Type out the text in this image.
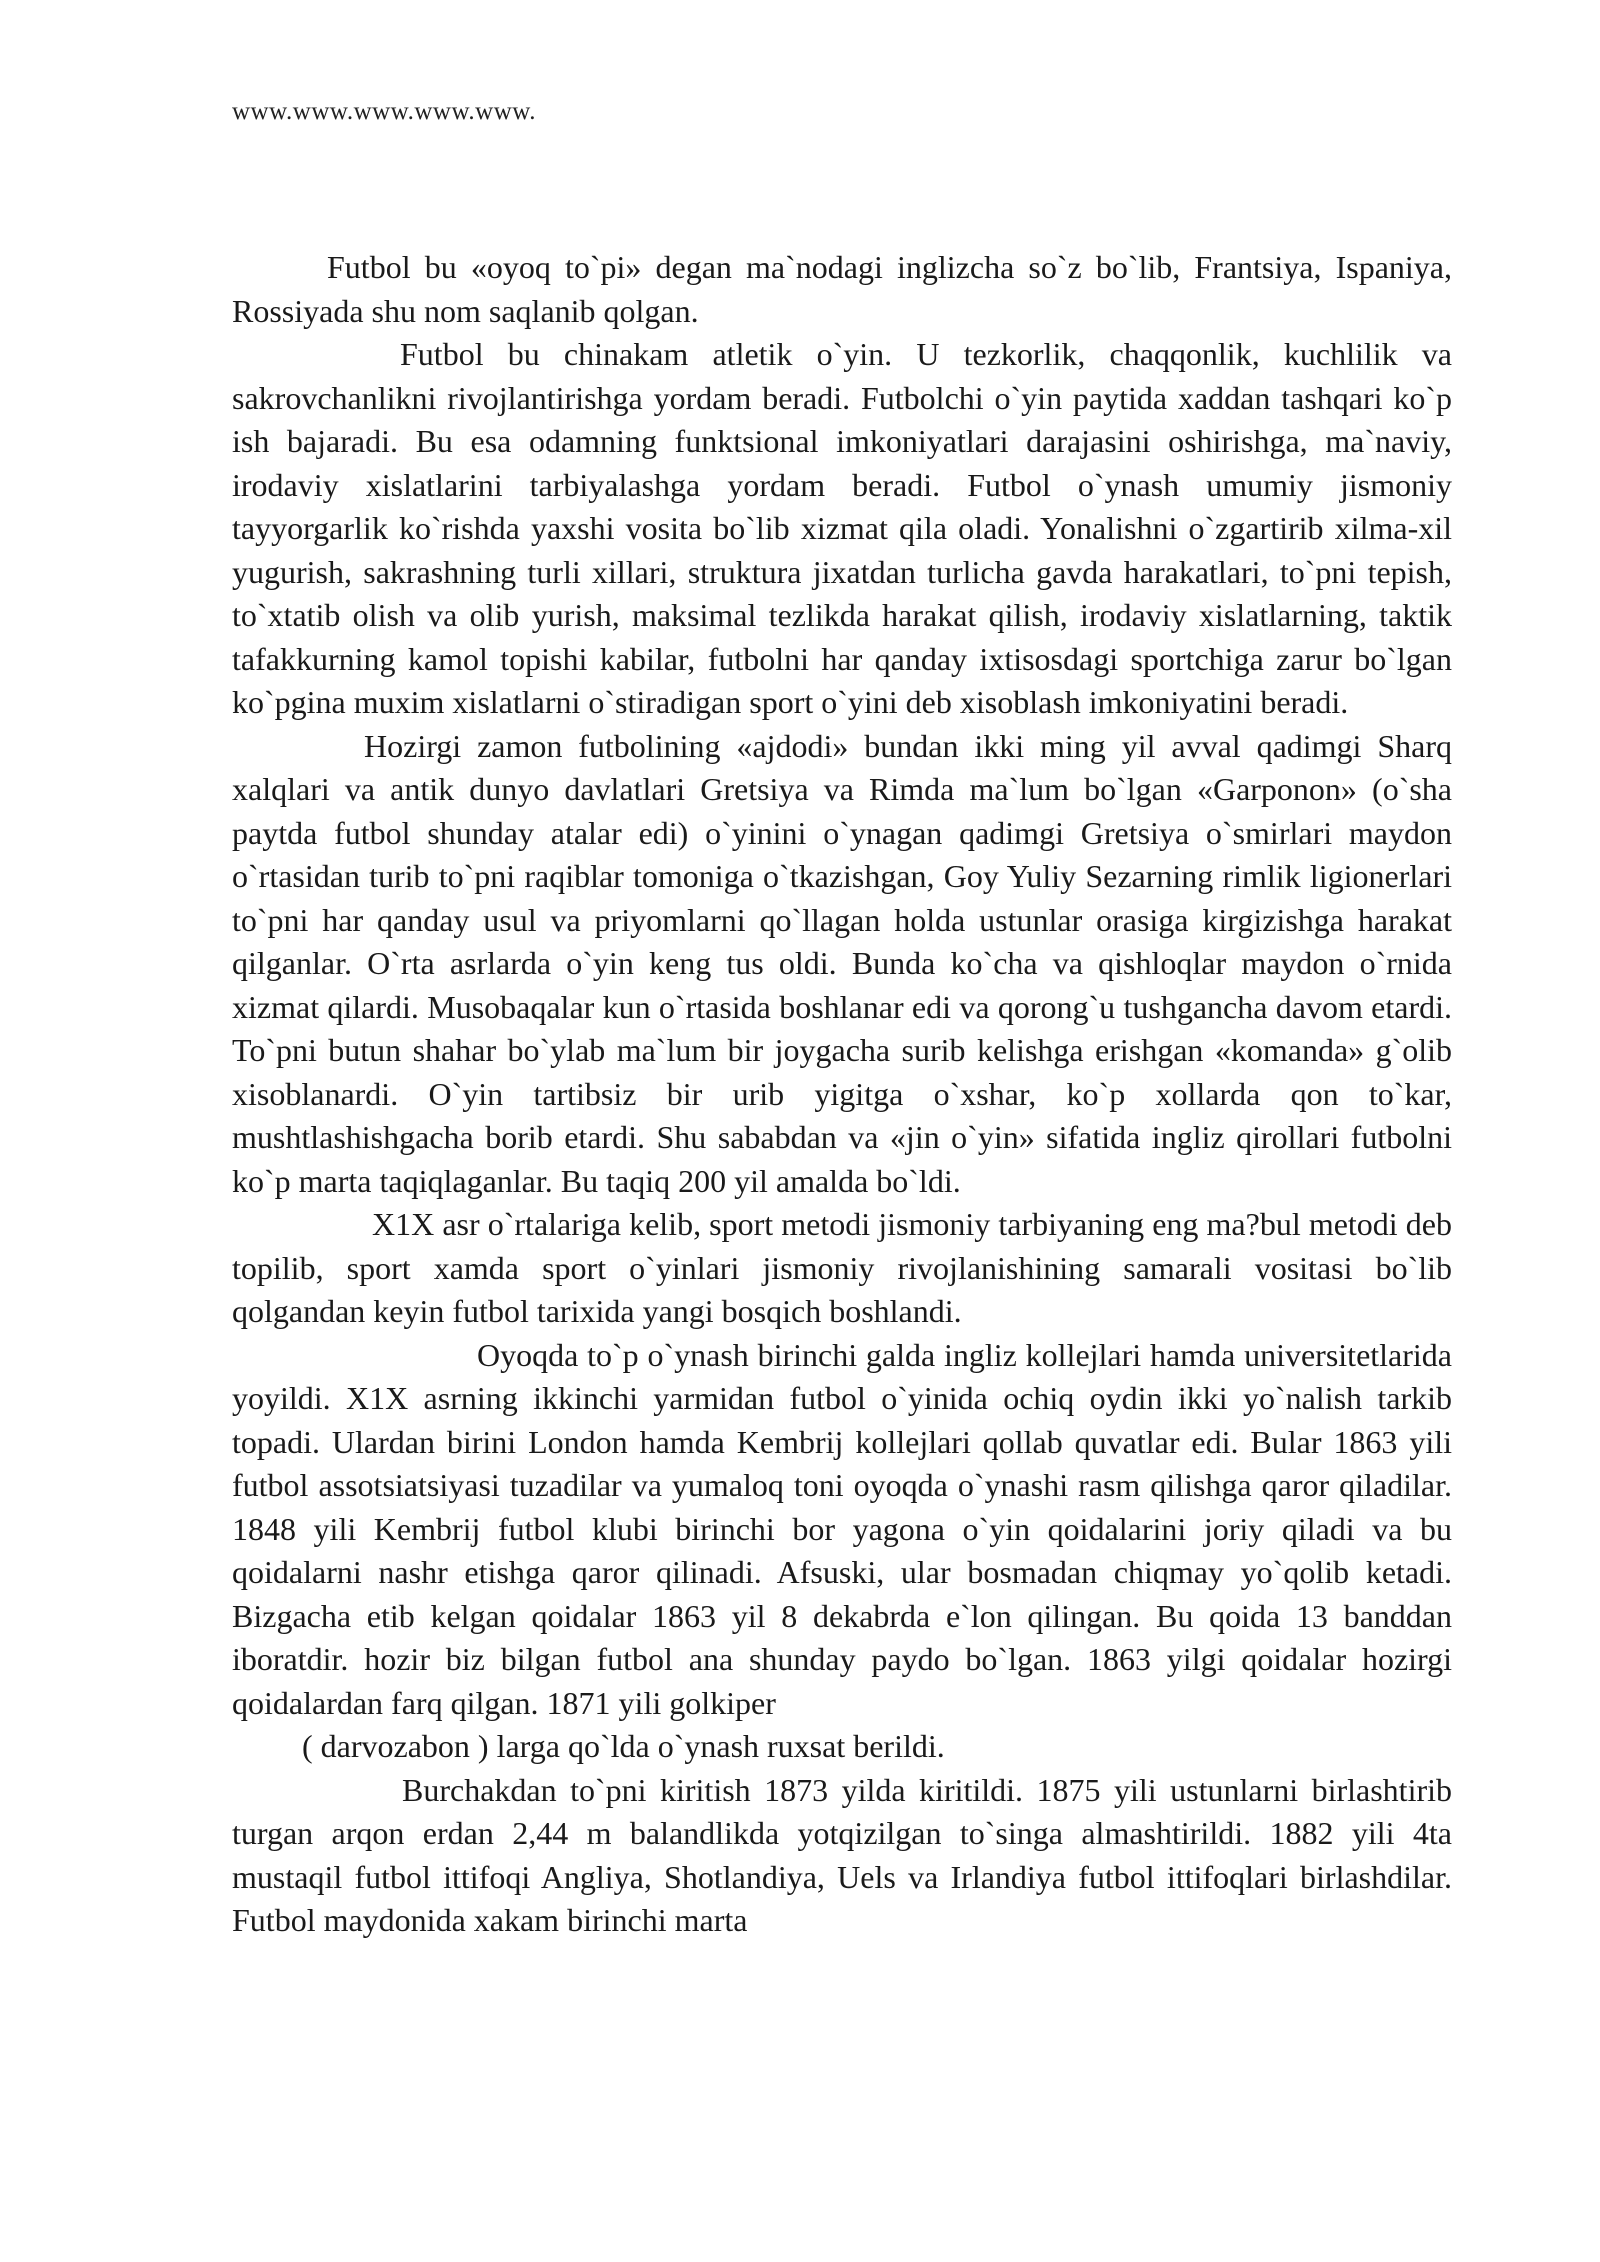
www.www.www.www.www.

Futbol bu «oyoq to`pi» degan ma`nodagi inglizcha so`z bo`lib, Frantsiya, Ispaniya, Rossiyada shu nom saqlanib qolgan.

Futbol bu chinakam atletik o`yin. U tezkorlik, chaqqonlik, kuchlilik va sakrovchanlikni rivojlantirishga yordam beradi. Futbolchi o`yin paytida xaddan tashqari ko`p ish bajaradi. Bu esa odamning funktsional imkoniyatlari darajasini oshirishga, ma`naviy, irodaviy xislatlarini tarbiyalashga yordam beradi. Futbol o`ynash umumiy jismoniy tayyorgarlik ko`rishda yaxshi vosita bo`lib xizmat qila oladi. Yonalishni o`zgartirib xilma-xil yugurish, sakrashning turli xillari, struktura jixatdan turlicha gavda harakatlari, to`pni tepish, to`xtatib olish va olib yurish, maksimal tezlikda harakat qilish, irodaviy xislatlarning, taktik tafakkurning kamol topishi kabilar, futbolni har qanday ixtisosdagi sportchiga zarur bo`lgan ko`pgina muxim xislatlarni o`stiradigan sport o`yini deb xisoblash imkoniyatini beradi.

Hozirgi zamon futbolining «ajdodi» bundan ikki ming yil avval qadimgi Sharq xalqlari va antik dunyo davlatlari Gretsiya va Rimda ma`lum bo`lgan «Garponon» (o`sha paytda futbol shunday atalar edi) o`yinini o`ynagan qadimgi Gretsiya o`smirlari maydon o`rtasidan turib to`pni raqiblar tomoniga o`tkazishgan, Goy Yuliy Sezarning rimlik ligionerlari to`pni har qanday usul va priyomlarni qo`llagan holda ustunlar orasiga kirgizishga harakat qilganlar. O`rta asrlarda o`yin keng tus oldi. Bunda ko`cha va qishloqlar maydon o`rnida xizmat qilardi. Musobaqalar kun o`rtasida boshlanar edi va qorong`u tushgancha davom etardi. To`pni butun shahar bo`ylab ma`lum bir joygacha surib kelishga erishgan «komanda» g`olib xisoblanardi. O`yin tartibsiz bir urib yigitga o`xshar, ko`p xollarda qon to`kar, mushtlashishgacha borib etardi. Shu sababdan va «jin o`yin» sifatida ingliz qirollari futbolni ko`p marta taqiqlaganlar. Bu taqiq 200 yil amalda bo`ldi.

X1X asr o`rtalariga kelib, sport metodi jismoniy tarbiyaning eng ma?bul metodi deb topilib, sport xamda sport o`yinlari jismoniy rivojlanishining samarali vositasi bo`lib qolgandan keyin futbol tarixida yangi bosqich boshlandi.

Oyoqda to`p o`ynash birinchi galda ingliz kollejlari hamda universitetlarida yoyildi. X1X asrning ikkinchi yarmidan futbol o`yinida ochiq oydin ikki yo`nalish tarkib topadi. Ulardan birini London hamda Kembrij kollejlari qollab quvatlar edi. Bular 1863 yili futbol assotsiatsiyasi tuzadilar va yumaloq toni oyoqda o`ynashi rasm qilishga qaror qiladilar. 1848 yili Kembrij futbol klubi birinchi bor yagona o`yin qoidalarini joriy qiladi va bu qoidalarni nashr etishga qaror qilinadi. Afsuski, ular bosmadan chiqmay yo`qolib ketadi. Bizgacha etib kelgan qoidalar 1863 yil 8 dekabrda e`lon qilingan. Bu qoida 13 banddan iboratdir. hozir biz bilgan futbol ana shunday paydo bo`lgan. 1863 yilgi qoidalar hozirgi qoidalardan farq qilgan. 1871 yili golkiper

( darvozabon ) larga qo`lda o`ynash ruxsat berildi.

Burchakdan to`pni kiritish 1873 yilda kiritildi. 1875 yili ustunlarni birlashtirib turgan arqon erdan 2,44 m balandlikda yotqizilgan to`singa almashtirildi. 1882 yili 4ta mustaqil futbol ittifoqi Angliya, Shotlandiya, Uels va Irlandiya futbol ittifoqlari birlashdilar. Futbol maydonida xakam birinchi marta
